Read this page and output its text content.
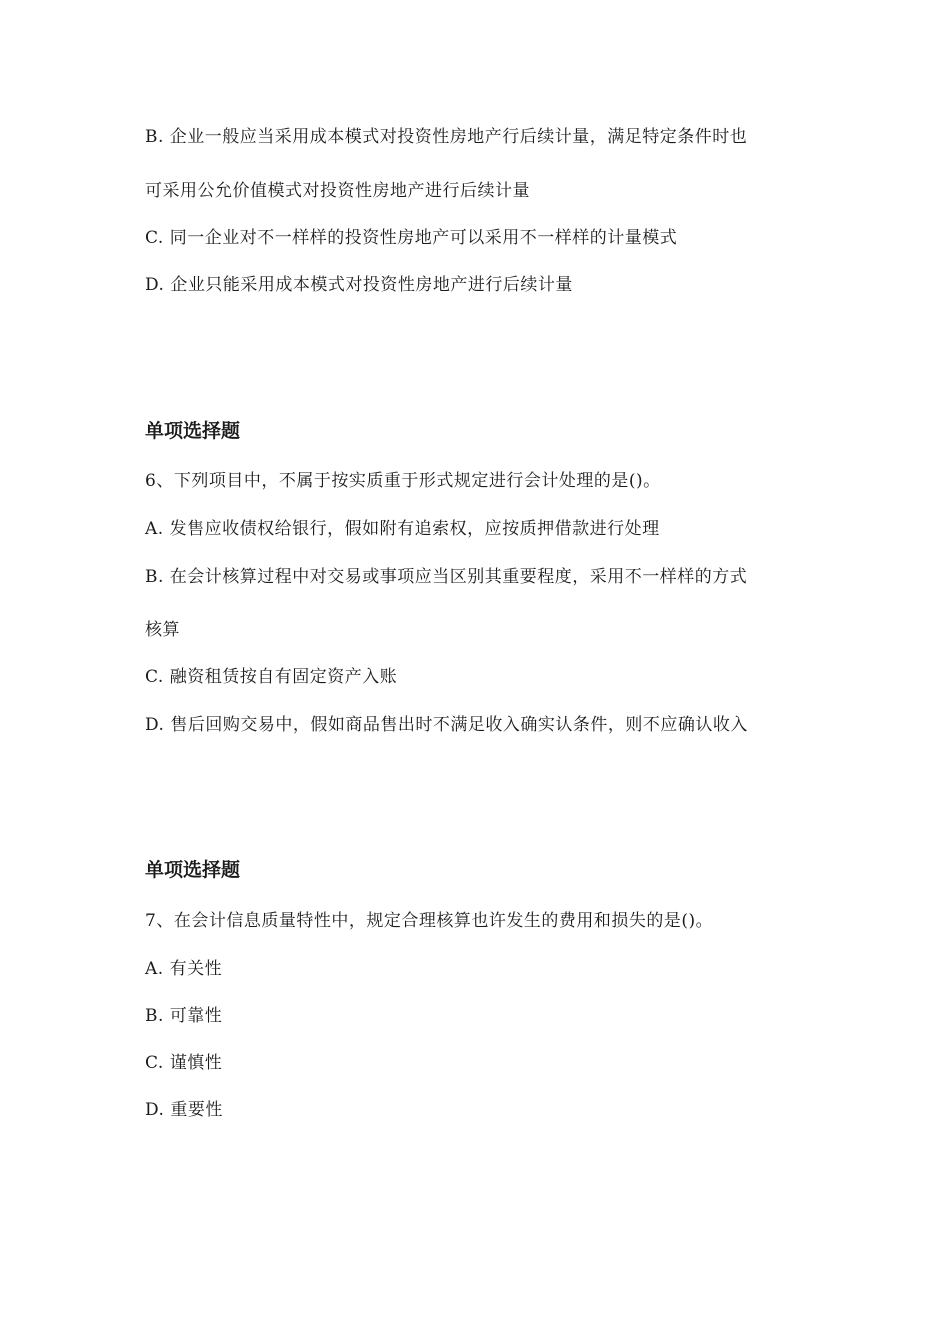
B. 企业一般应当采用成本模式对投资性房地产行后续计量，满足特定条件时也
可采用公允价值模式对投资性房地产进行后续计量
C. 同一企业对不一样样的投资性房地产可以采用不一样样的计量模式
D. 企业只能采用成本模式对投资性房地产进行后续计量
单项选择题
6、下列项目中，不属于按实质重于形式规定进行会计处理的是()。
A. 发售应收债权给银行，假如附有追索权，应按质押借款进行处理
B. 在会计核算过程中对交易或事项应当区别其重要程度，采用不一样样的方式
核算
C. 融资租赁按自有固定资产入账
D. 售后回购交易中，假如商品售出时不满足收入确实认条件，则不应确认收入
单项选择题
7、在会计信息质量特性中，规定合理核算也许发生的费用和损失的是()。
A. 有关性
B. 可靠性
C. 谨慎性
D. 重要性
